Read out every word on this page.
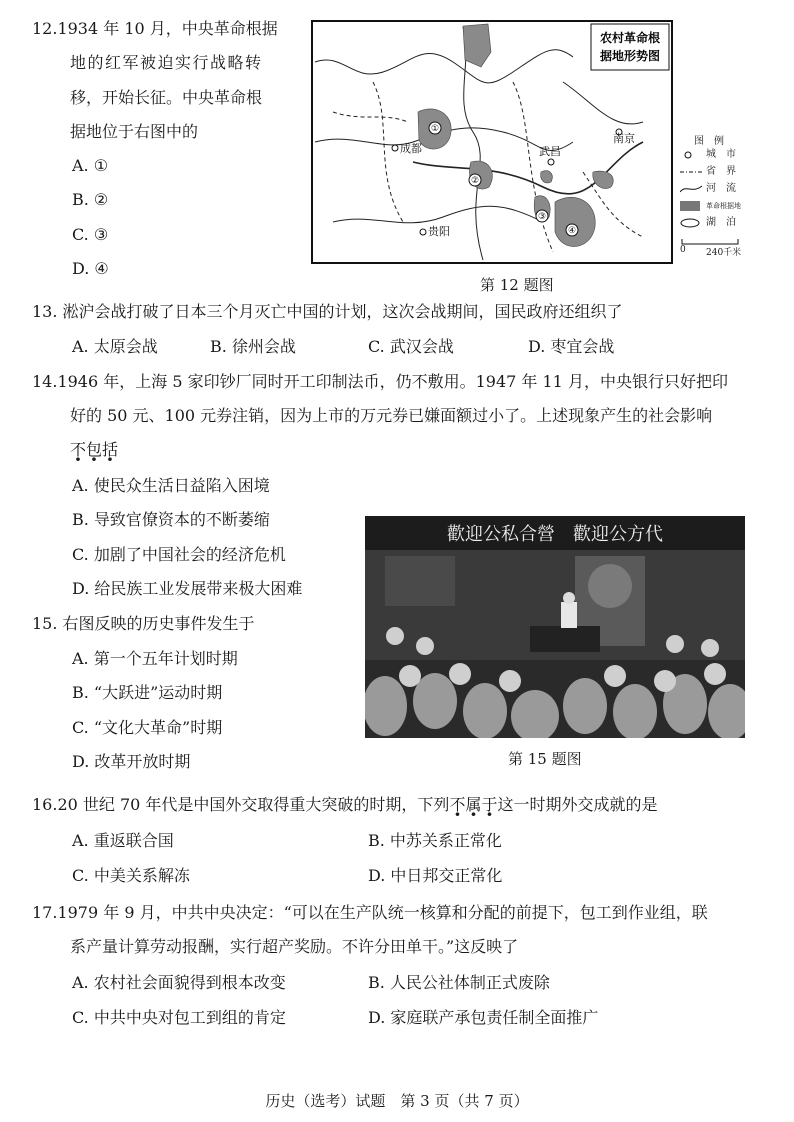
12.1934 年 10 月，中央革命根据
地的红军被迫实行战略转
移，开始长征。中央革命根
据地位于右图中的
A. ①
B. ②
C. ③
D. ④
①
②
③
④
成都
贵阳
武昌
南京
农村革命根
据地形势图
第 12 题图
图　例
城　市
省　界
河　流
革命根据地
湖　泊
0 240千米
13. 淞沪会战打破了日本三个月灭亡中国的计划，这次会战期间，国民政府还组织了
A. 太原会战	B. 徐州会战	C. 武汉会战	D. 枣宜会战
14.1946 年，上海 5 家印钞厂同时开工印制法币，仍不敷用。1947 年 11 月，中央银行只好把印
好的 50 元、100 元券注销，因为上市的万元券已嫌面额过小了。上述现象产生的社会影响
不包括
A. 使民众生活日益陷入困境
B. 导致官僚资本的不断萎缩
C. 加剧了中国社会的经济危机
D. 给民族工业发展带来极大困难
歡迎公私合營　歡迎公方代
第 15 题图
15. 右图反映的历史事件发生于
A. 第一个五年计划时期
B. “大跃进”运动时期
C. “文化大革命”时期
D. 改革开放时期
16.20 世纪 70 年代是中国外交取得重大突破的时期，下列不属于这一时期外交成就的是
A. 重返联合国	B. 中苏关系正常化
C. 中美关系解冻	D. 中日邦交正常化
17.1979 年 9 月，中共中央决定：“可以在生产队统一核算和分配的前提下，包工到作业组，联
系产量计算劳动报酬，实行超产奖励。不许分田单干。”这反映了
A. 农村社会面貌得到根本改变	B. 人民公社体制正式废除
C. 中共中央对包工到组的肯定	D. 家庭联产承包责任制全面推广
历史（选考）试题　第 3 页（共 7 页）
